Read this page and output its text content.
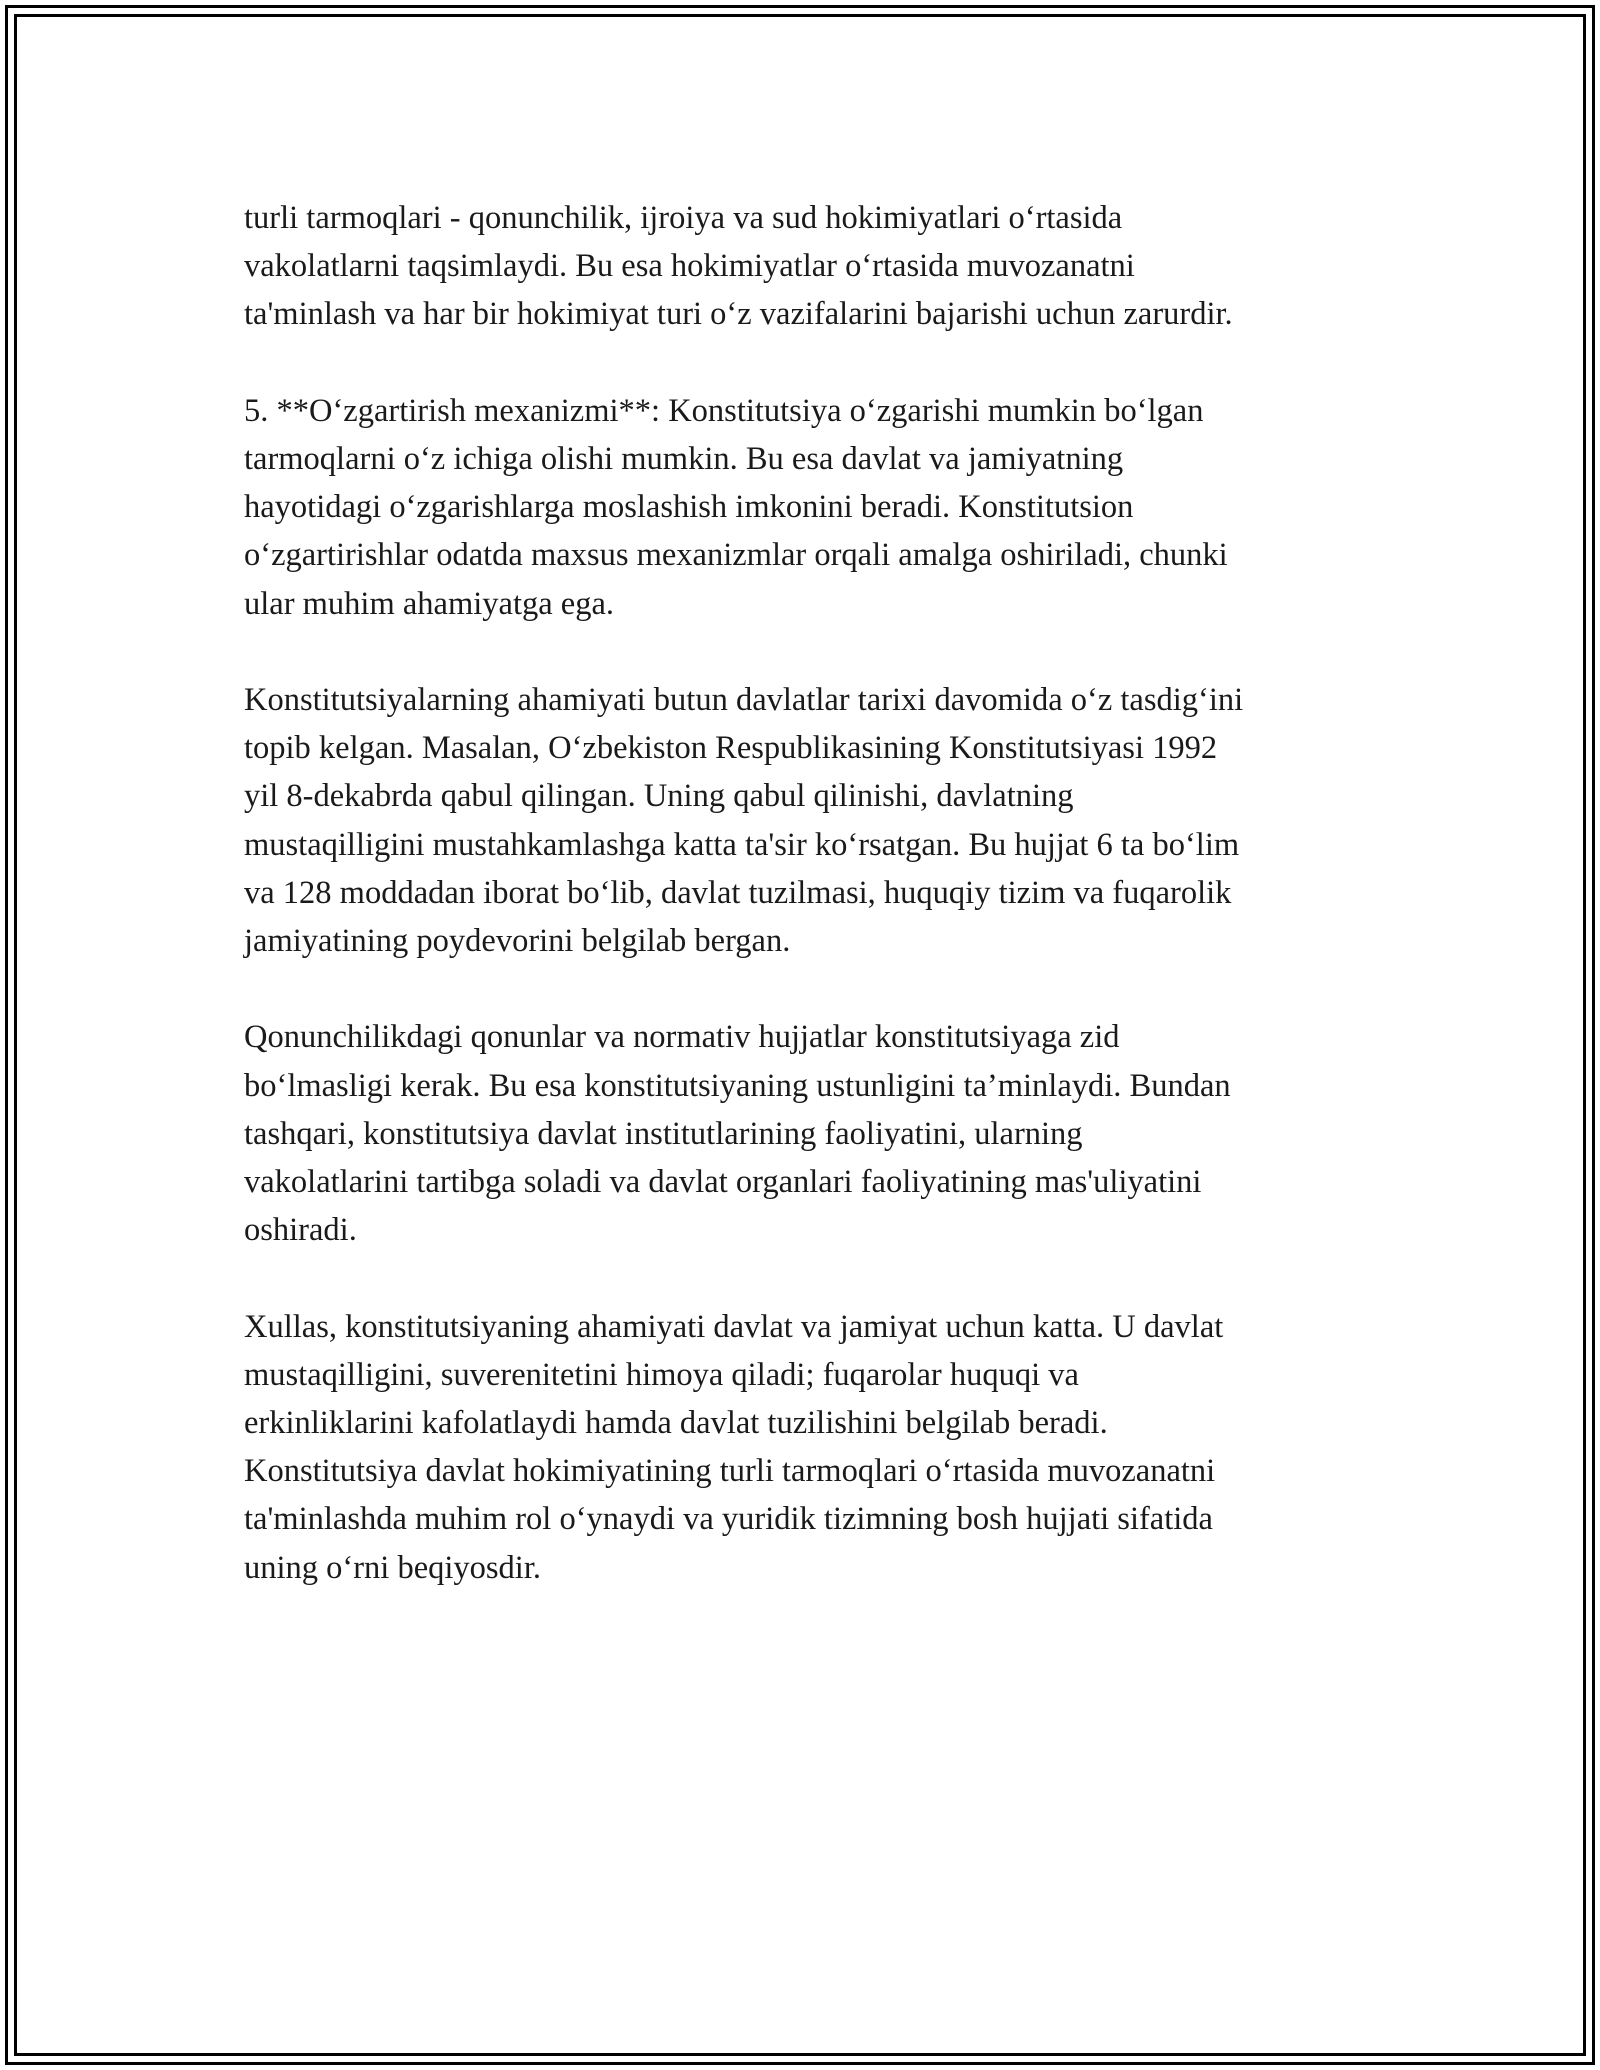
turli tarmoqlari - qonunchilik, ijroiya va sud hokimiyatlari o‘rtasida
vakolatlarni taqsimlaydi. Bu esa hokimiyatlar o‘rtasida muvozanatni
ta'minlash va har bir hokimiyat turi o‘z vazifalarini bajarishi uchun zarurdir.

5. **O‘zgartirish mexanizmi**: Konstitutsiya o‘zgarishi mumkin bo‘lgan
tarmoqlarni o‘z ichiga olishi mumkin. Bu esa davlat va jamiyatning
hayotidagi o‘zgarishlarga moslashish imkonini beradi. Konstitutsion
o‘zgartirishlar odatda maxsus mexanizmlar orqali amalga oshiriladi, chunki
ular muhim ahamiyatga ega.

Konstitutsiyalarning ahamiyati butun davlatlar tarixi davomida o‘z tasdig‘ini
topib kelgan. Masalan, O‘zbekiston Respublikasining Konstitutsiyasi 1992
yil 8-dekabrda qabul qilingan. Uning qabul qilinishi, davlatning
mustaqilligini mustahkamlashga katta ta'sir ko‘rsatgan. Bu hujjat 6 ta bo‘lim
va 128 moddadan iborat bo‘lib, davlat tuzilmasi, huquqiy tizim va fuqarolik
jamiyatining poydevorini belgilab bergan.

Qonunchilikdagi qonunlar va normativ hujjatlar konstitutsiyaga zid
bo‘lmasligi kerak. Bu esa konstitutsiyaning ustunligini ta’minlaydi. Bundan
tashqari, konstitutsiya davlat institutlarining faoliyatini, ularning
vakolatlarini tartibga soladi va davlat organlari faoliyatining mas'uliyatini
oshiradi.

Xullas, konstitutsiyaning ahamiyati davlat va jamiyat uchun katta. U davlat
mustaqilligini, suverenitetini himoya qiladi; fuqarolar huquqi va
erkinliklarini kafolatlaydi hamda davlat tuzilishini belgilab beradi.
Konstitutsiya davlat hokimiyatining turli tarmoqlari o‘rtasida muvozanatni
ta'minlashda muhim rol o‘ynaydi va yuridik tizimning bosh hujjati sifatida
uning o‘rni beqiyosdir.
